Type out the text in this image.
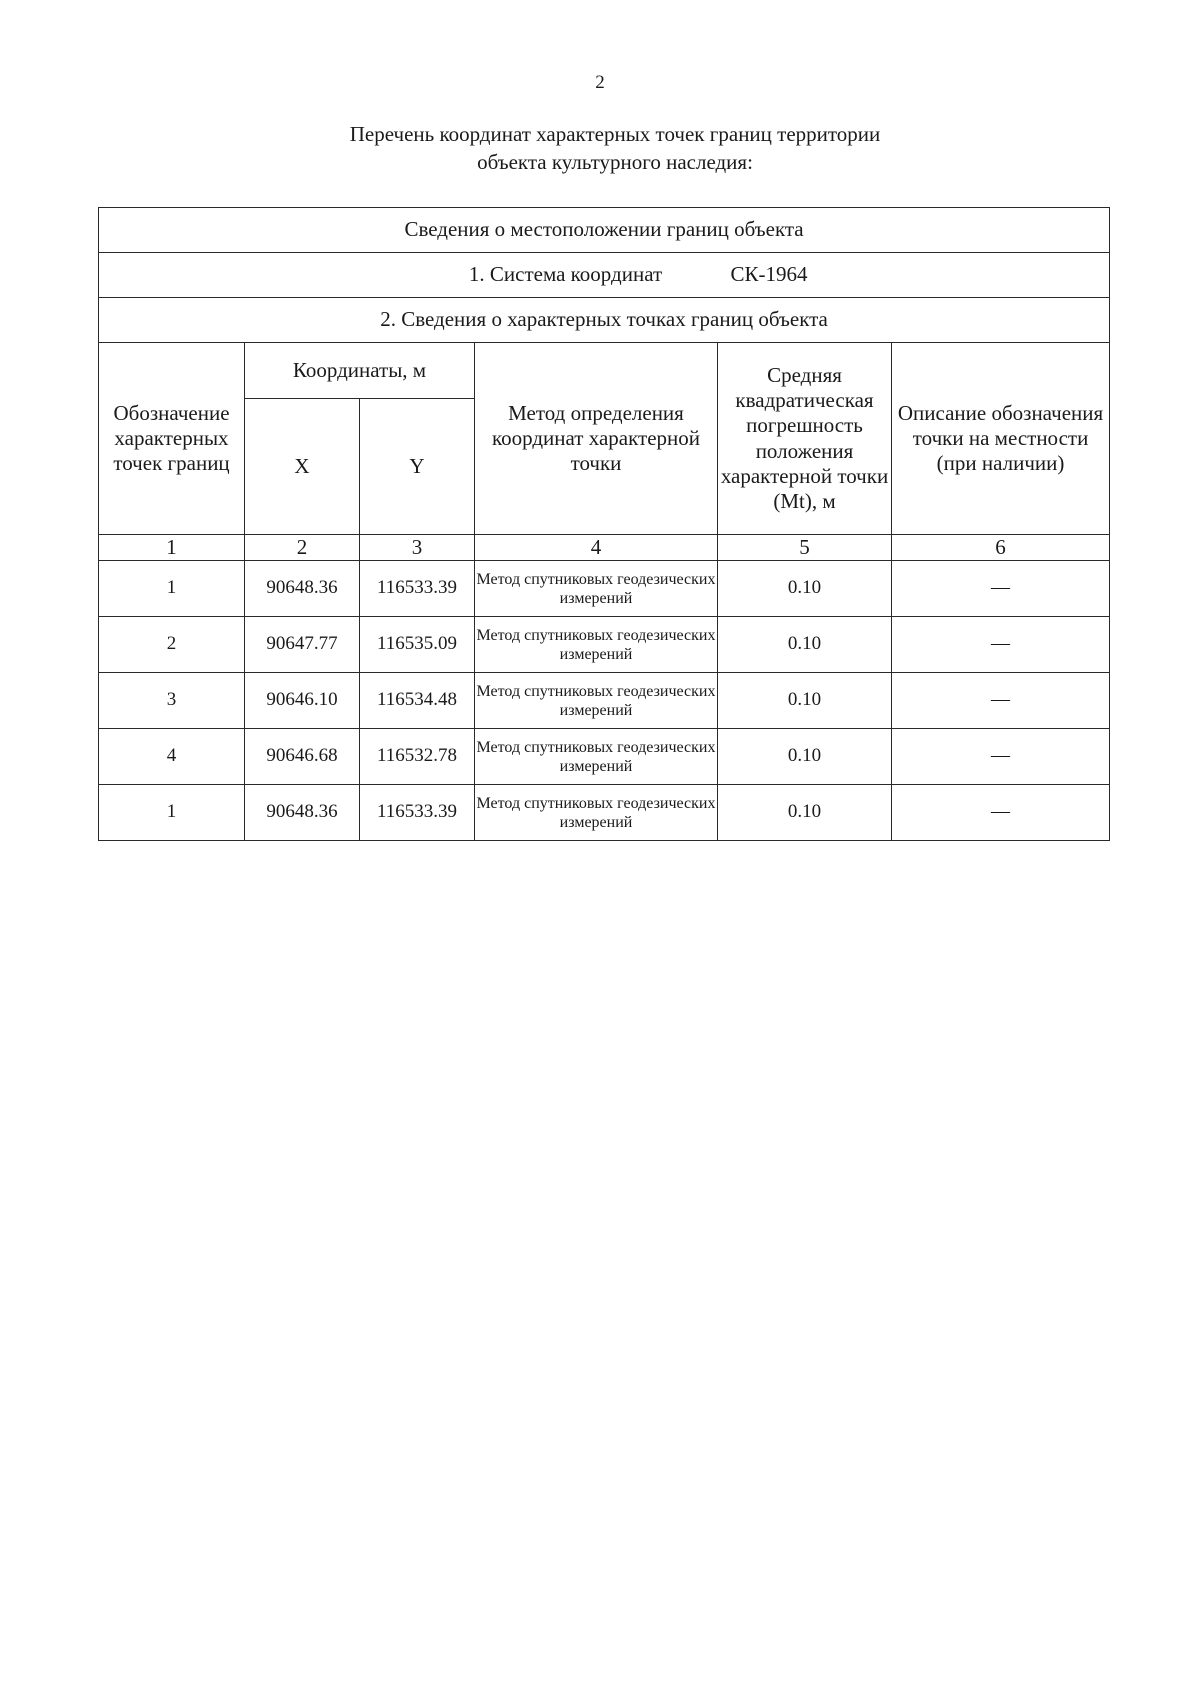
2
Перечень координат характерных точек границ территории
объекта культурного наследия:
Сведения о местоположении границ объекта					
1. Система координат СК-1964					
2. Сведения о характерных точках границ объекта					
Обозначение характерных точек границ	Координаты, м		Метод определения координат характерной точки	Средняя квадратическая погрешность положения характерной точки (Mt), м	Описание обозначения точки на местности (при наличии)
	X	Y			
1	2	3	4	5	6
1	90648.36	116533.39	Метод спутниковых геодезических измерений	0.10	—
2	90647.77	116535.09	Метод спутниковых геодезических измерений	0.10	—
3	90646.10	116534.48	Метод спутниковых геодезических измерений	0.10	—
4	90646.68	116532.78	Метод спутниковых геодезических измерений	0.10	—
1	90648.36	116533.39	Метод спутниковых геодезических измерений	0.10	—
